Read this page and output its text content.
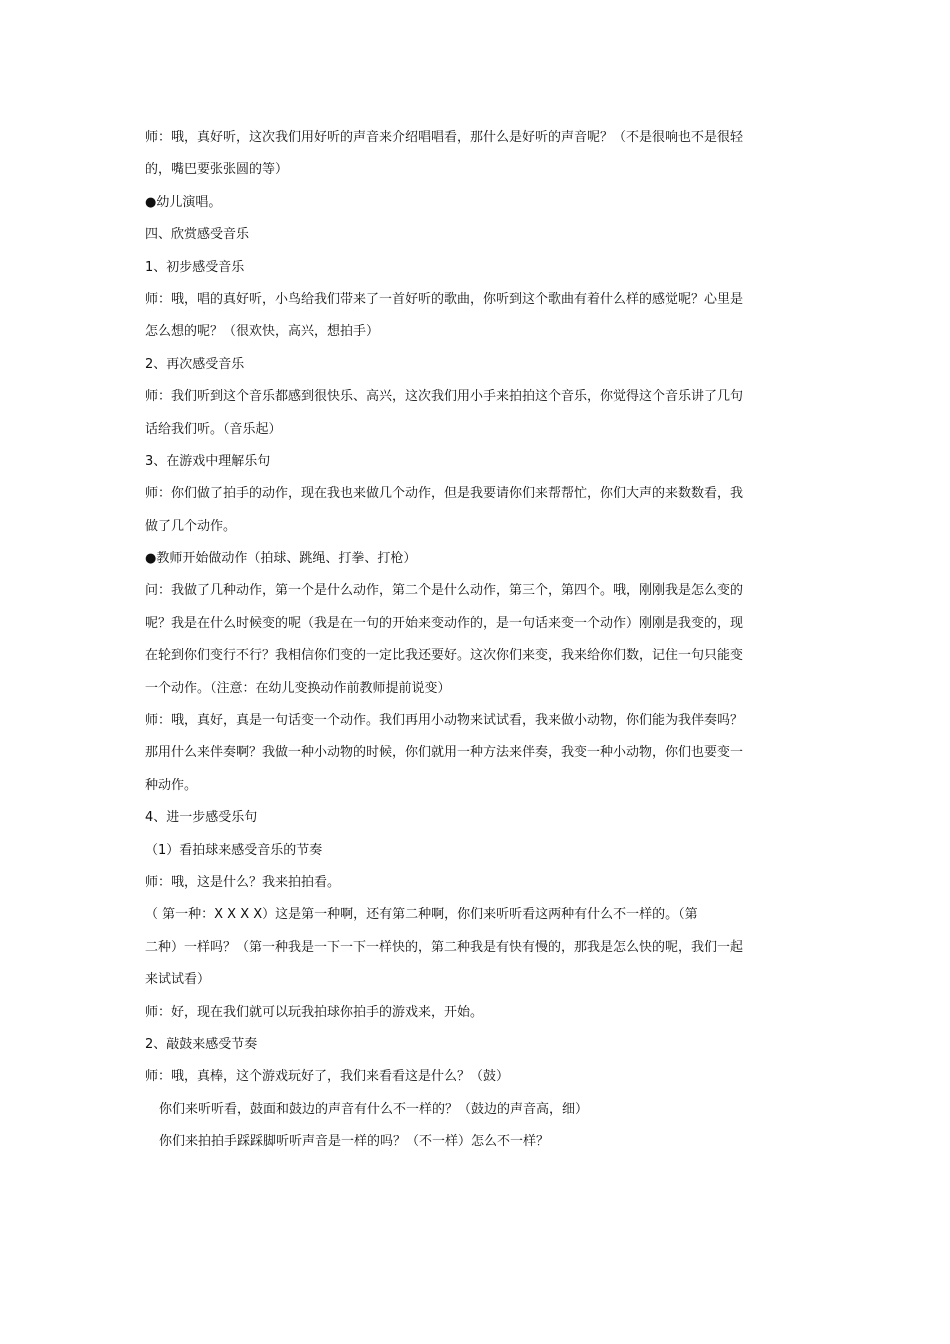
师：哦，真好听，这次我们用好听的声音来介绍唱唱看，那什么是好听的声音呢？（不是很响也不是很轻
的，嘴巴要张张圆的等）
●幼儿演唱。
四、欣赏感受音乐
1、初步感受音乐
师：哦，唱的真好听，小鸟给我们带来了一首好听的歌曲，你听到这个歌曲有着什么样的感觉呢？心里是
怎么想的呢？（很欢快，高兴，想拍手）
2、再次感受音乐
师：我们听到这个音乐都感到很快乐、高兴，这次我们用小手来拍拍这个音乐，你觉得这个音乐讲了几句
话给我们听。（音乐起）
3、在游戏中理解乐句
师：你们做了拍手的动作，现在我也来做几个动作，但是我要请你们来帮帮忙，你们大声的来数数看，我
做了几个动作。
●教师开始做动作（拍球、跳绳、打拳、打枪）
问：我做了几种动作，第一个是什么动作，第二个是什么动作，第三个，第四个。哦，刚刚我是怎么变的
呢？我是在什么时候变的呢（我是在一句的开始来变动作的，是一句话来变一个动作）刚刚是我变的，现
在轮到你们变行不行？我相信你们变的一定比我还要好。这次你们来变，我来给你们数，记住一句只能变
一个动作。（注意：在幼儿变换动作前教师提前说变）
师：哦，真好，真是一句话变一个动作。我们再用小动物来试试看，我来做小动物，你们能为我伴奏吗？
那用什么来伴奏啊？我做一种小动物的时候，你们就用一种方法来伴奏，我变一种小动物，你们也要变一
种动作。
4、进一步感受乐句
（1）看拍球来感受音乐的节奏
师：哦，这是什么？我来拍拍看。
（ 第一种：X X X X）这是第一种啊，还有第二种啊，你们来听听看这两种有什么不一样的。（第
二种）一样吗？（第一种我是一下一下一样快的，第二种我是有快有慢的，那我是怎么快的呢，我们一起
来试试看）
师：好，现在我们就可以玩我拍球你拍手的游戏来，开始。
2、敲鼓来感受节奏
师：哦，真棒，这个游戏玩好了，我们来看看这是什么？（鼓）
你们来听听看，鼓面和鼓边的声音有什么不一样的？（鼓边的声音高，细）
你们来拍拍手踩踩脚听听声音是一样的吗？（不一样）怎么不一样？
